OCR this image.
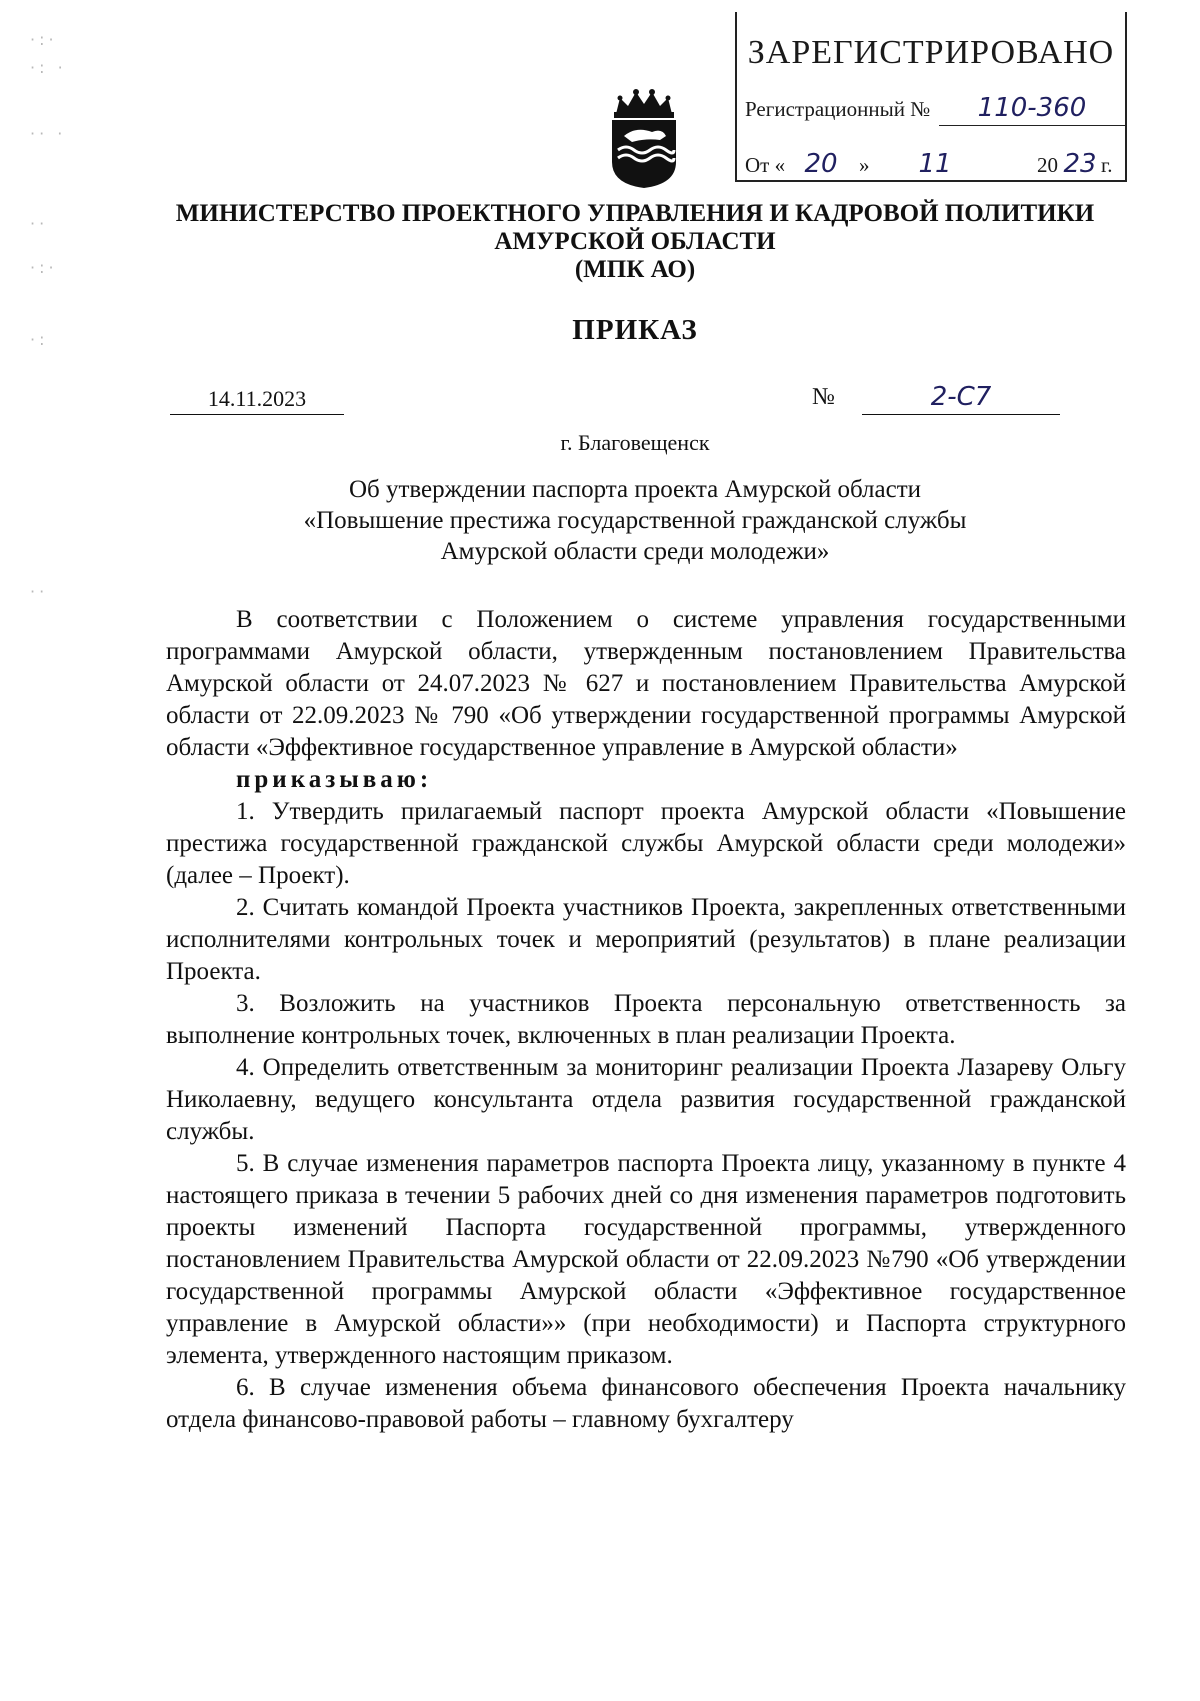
·:·
·: ·
·· ·
··
·:·
·:
··
ЗАРЕГИСТРИРОВАНО
Регистрационный №	110-360
От « 20	»	11	20 23 г.
МИНИСТЕРСТВО ПРОЕКТНОГО УПРАВЛЕНИЯ И КАДРОВОЙ ПОЛИТИКИ
АМУРСКОЙ ОБЛАСТИ
(МПК АО)
ПРИКАЗ
14.11.2023	№	2-С7
г. Благовещенск
Об утверждении паспорта проекта Амурской области
«Повышение престижа государственной гражданской службы
Амурской области среди молодежи»

В соответствии с Положением о системе управления государственными программами Амурской области, утвержденным постановлением Правительства Амурской области от 24.07.2023 № 627 и постановлением Правительства Амурской области от 22.09.2023 № 790 «Об утверждении государственной программы Амурской области «Эффективное государственное управление в Амурской области»

приказываю:

1. Утвердить прилагаемый паспорт проекта Амурской области «Повышение престижа государственной гражданской службы Амурской области среди молодежи» (далее – Проект).

2. Считать командой Проекта участников Проекта, закрепленных ответственными исполнителями контрольных точек и мероприятий (результатов) в плане реализации Проекта.

3. Возложить на участников Проекта персональную ответственность за выполнение контрольных точек, включенных в план реализации Проекта.

4. Определить ответственным за мониторинг реализации Проекта Лазареву Ольгу Николаевну, ведущего консультанта отдела развития государственной гражданской службы.

5. В случае изменения параметров паспорта Проекта лицу, указанному в пункте 4 настоящего приказа в течении 5 рабочих дней со дня изменения параметров подготовить проекты изменений Паспорта государственной программы, утвержденного постановлением Правительства Амурской области от 22.09.2023 №790 «Об утверждении государственной программы Амурской области «Эффективное государственное управление в Амурской области»» (при необходимости) и Паспорта структурного элемента, утвержденного настоящим приказом.

6. В случае изменения объема финансового обеспечения Проекта начальнику отдела финансово-правовой работы – главному бухгалтеру
